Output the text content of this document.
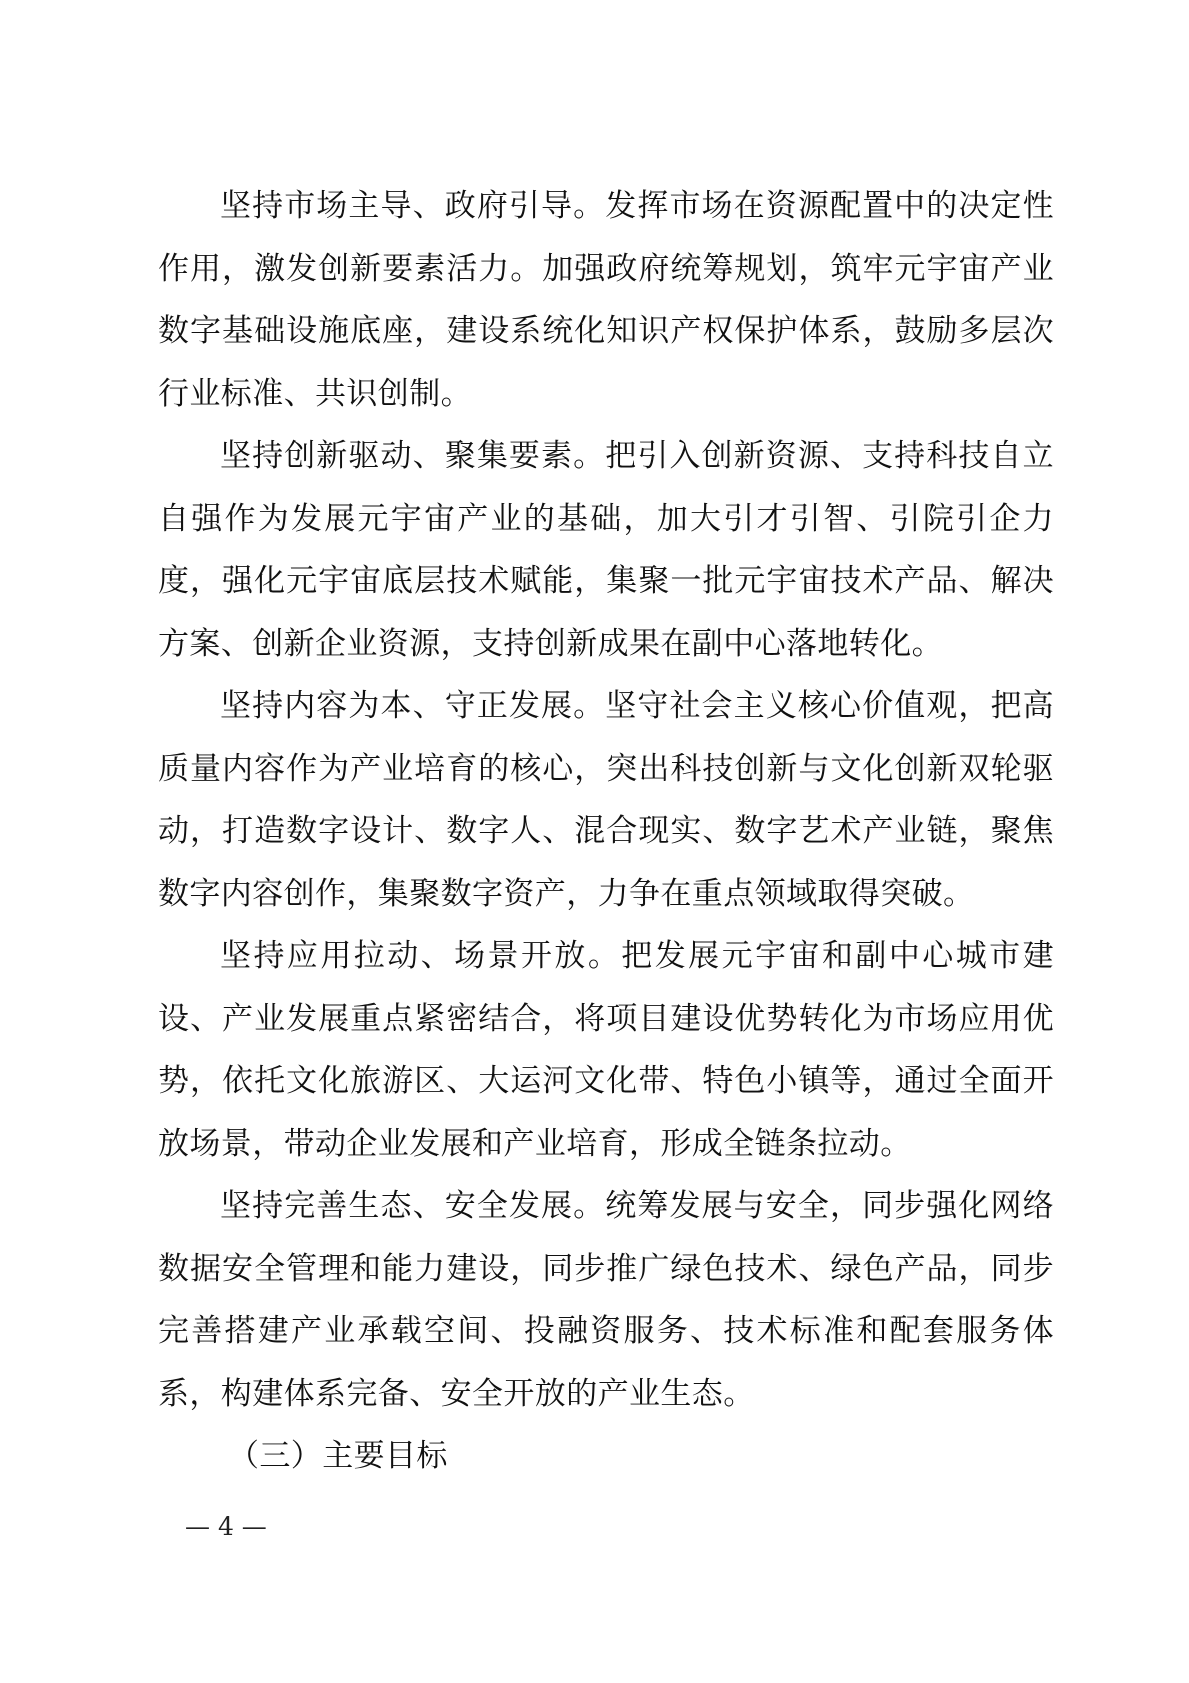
坚持市场主导、政府引导。发挥市场在资源配置中的决定性作用，激发创新要素活力。加强政府统筹规划，筑牢元宇宙产业数字基础设施底座，建设系统化知识产权保护体系，鼓励多层次行业标准、共识创制。

坚持创新驱动、聚集要素。把引入创新资源、支持科技自立自强作为发展元宇宙产业的基础，加大引才引智、引院引企力度，强化元宇宙底层技术赋能，集聚一批元宇宙技术产品、解决方案、创新企业资源，支持创新成果在副中心落地转化。

坚持内容为本、守正发展。坚守社会主义核心价值观，把高质量内容作为产业培育的核心，突出科技创新与文化创新双轮驱动，打造数字设计、数字人、混合现实、数字艺术产业链，聚焦数字内容创作，集聚数字资产，力争在重点领域取得突破。

坚持应用拉动、场景开放。把发展元宇宙和副中心城市建设、产业发展重点紧密结合，将项目建设优势转化为市场应用优势，依托文化旅游区、大运河文化带、特色小镇等，通过全面开放场景，带动企业发展和产业培育，形成全链条拉动。

坚持完善生态、安全发展。统筹发展与安全，同步强化网络数据安全管理和能力建设，同步推广绿色技术、绿色产品，同步完善搭建产业承载空间、投融资服务、技术标准和配套服务体系，构建体系完备、安全开放的产业生态。

（三）主要目标

— 4 —
